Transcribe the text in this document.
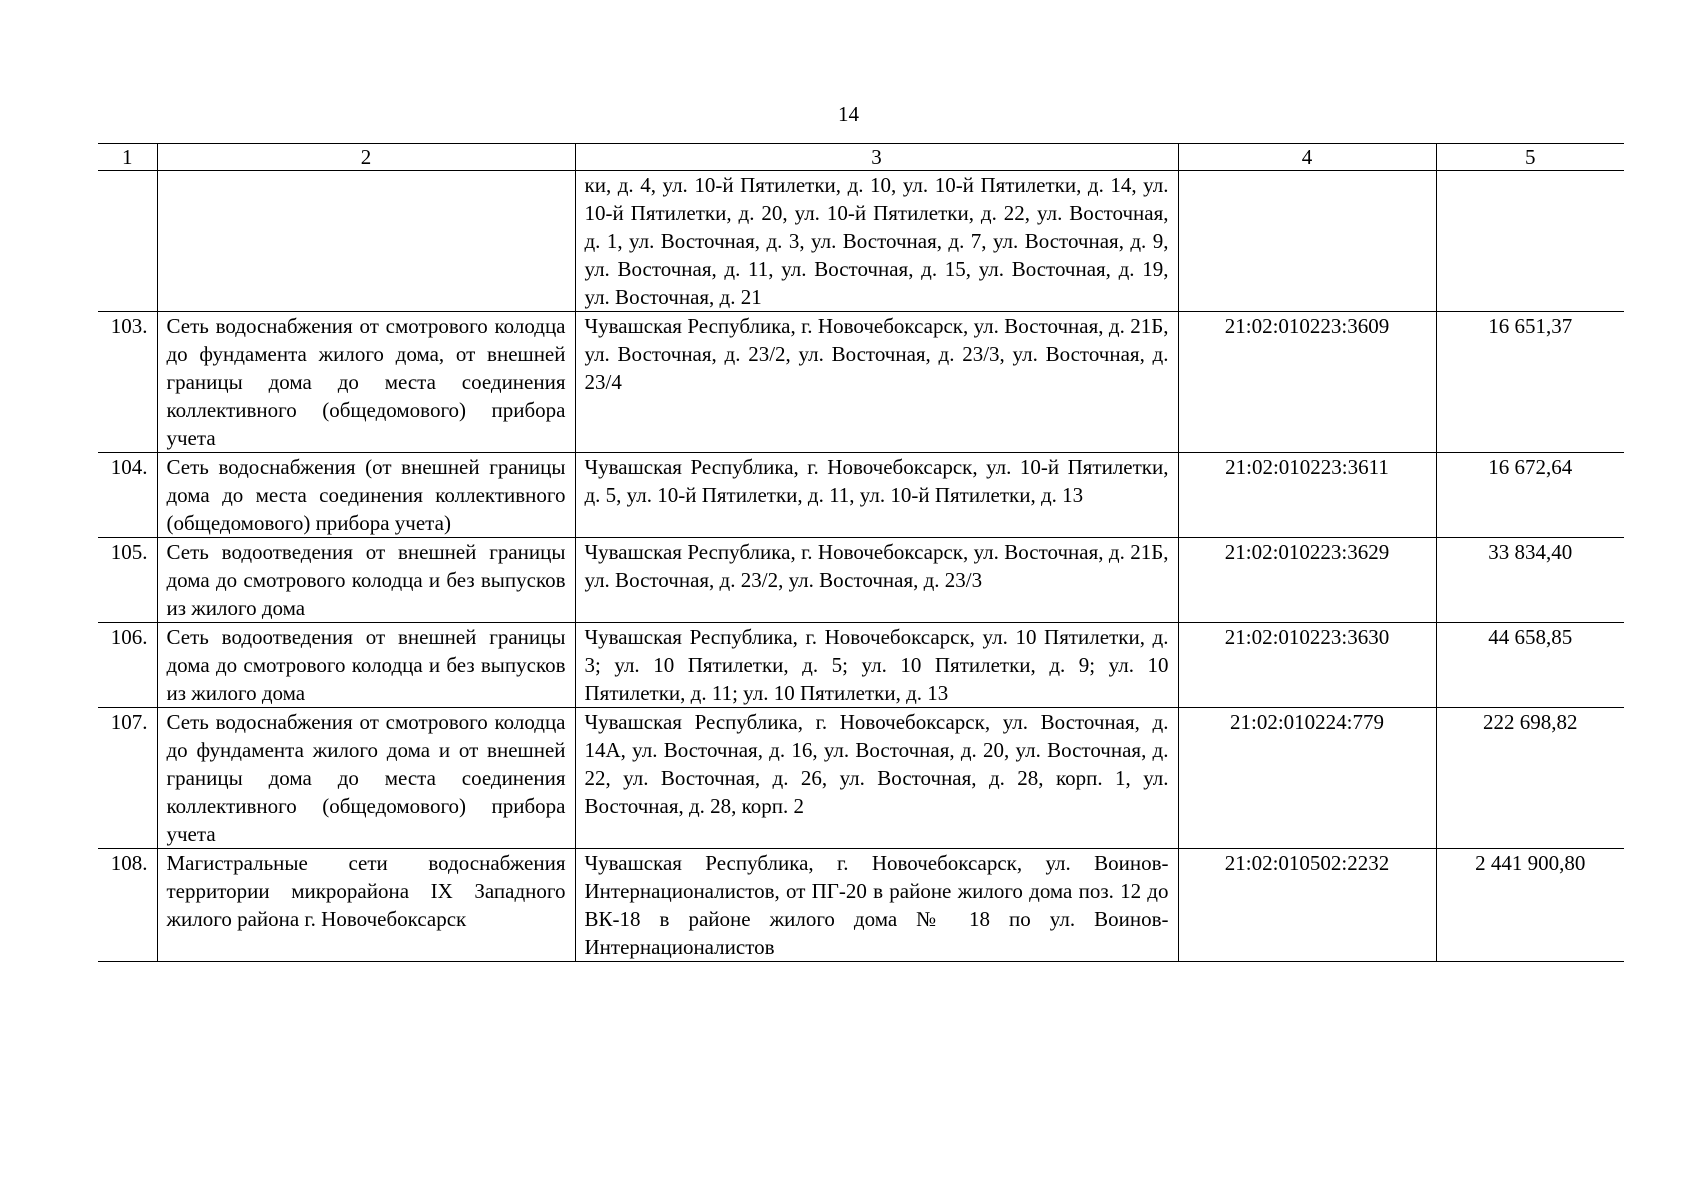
14
1	2	3	4	5
		ки, д. 4, ул. 10-й Пятилетки, д. 10, ул. 10-й Пятилетки, д. 14, ул. 10-й Пятилетки, д. 20, ул. 10-й Пятилетки, д. 22, ул. Восточная, д. 1, ул. Восточная, д. 3, ул. Восточная, д. 7, ул. Восточная, д. 9, ул. Восточная, д. 11, ул. Восточная, д. 15, ул. Восточная, д. 19, ул. Восточная, д. 21		
103.	Сеть водоснабжения от смотрового колодца до фундамента жилого дома, от внешней границы дома до места соединения коллективного (общедомового) прибора учета	Чувашская Республика, г. Новочебоксарск, ул. Восточная, д. 21Б, ул. Восточная, д. 23/2, ул. Восточная, д. 23/3, ул. Восточная, д. 23/4	21:02:010223:3609	16 651,37
104.	Сеть водоснабжения (от внешней границы дома до места соединения коллективного (общедомового) прибора учета)	Чувашская Республика, г. Новочебоксарск, ул. 10-й Пятилетки, д. 5, ул. 10-й Пятилетки, д. 11, ул. 10-й Пятилетки, д. 13	21:02:010223:3611	16 672,64
105.	Сеть водоотведения от внешней границы дома до смотрового колодца и без выпусков из жилого дома	Чувашская Республика, г. Новочебоксарск, ул. Восточная, д. 21Б, ул. Восточная, д. 23/2, ул. Восточная, д. 23/3	21:02:010223:3629	33 834,40
106.	Сеть водоотведения от внешней границы дома до смотрового колодца и без выпусков из жилого дома	Чувашская Республика, г. Новочебоксарск, ул. 10 Пятилетки, д. 3; ул. 10 Пятилетки, д. 5; ул. 10 Пятилетки, д. 9; ул. 10 Пятилетки, д. 11; ул. 10 Пятилетки, д. 13	21:02:010223:3630	44 658,85
107.	Сеть водоснабжения от смотрового колодца до фундамента жилого дома и от внешней границы дома до места соединения коллективного (общедомового) прибора учета	Чувашская Республика, г. Новочебоксарск, ул. Восточная, д. 14А, ул. Восточная, д. 16, ул. Восточная, д. 20, ул. Восточная, д. 22, ул. Восточная, д. 26, ул. Восточная, д. 28, корп. 1, ул. Восточная, д. 28, корп. 2	21:02:010224:779	222 698,82
108.	Магистральные сети водоснабжения территории микрорайона IX Западного жилого района г. Новочебоксарск	Чувашская Республика, г. Новочебоксарск, ул. Воинов-Интернационалистов, от ПГ-20 в районе жилого дома поз. 12 до ВК-18 в районе жилого дома № 18 по ул. Воинов-Интернационалистов	21:02:010502:2232	2 441 900,80
